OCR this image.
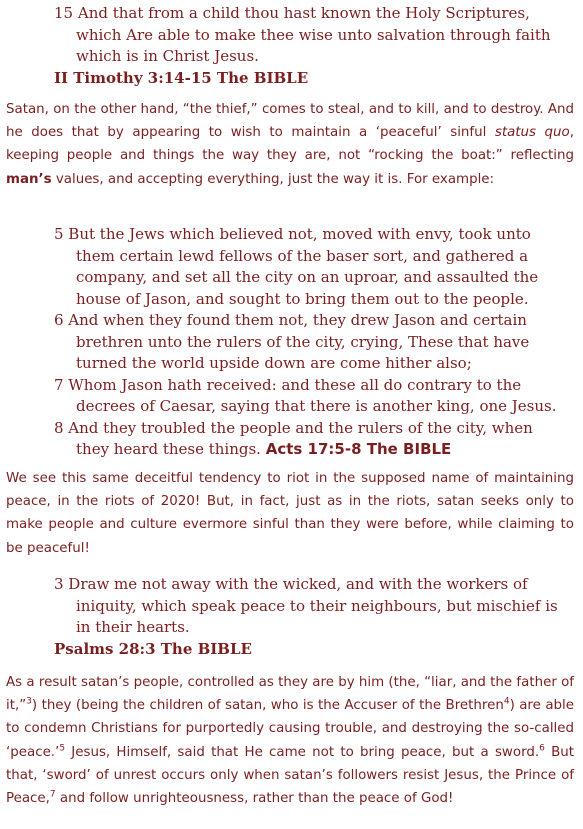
15 And that from a child thou hast known the Holy Scriptures, which Are able to make thee wise unto salvation through faith which is in Christ Jesus.
II Timothy 3:14-15 The BIBLE

Satan, on the other hand, “the thief,” comes to steal, and to kill, and to destroy. And he does that by appearing to wish to maintain a ‘peaceful’ sinful status quo, keeping people and things the way they are, not “rocking the boat:” reflecting man’s values, and accepting everything, just the way it is. For example:

5 But the Jews which believed not, moved with envy, took unto them certain lewd fellows of the baser sort, and gathered a company, and set all the city on an uproar, and assaulted the house of Jason, and sought to bring them out to the people.
6 And when they found them not, they drew Jason and certain brethren unto the rulers of the city, crying, These that have turned the world upside down are come hither also;
7 Whom Jason hath received: and these all do contrary to the decrees of Caesar, saying that there is another king, one Jesus.
8 And they troubled the people and the rulers of the city, when they heard these things. Acts 17:5-8 The BIBLE

We see this same deceitful tendency to riot in the supposed name of maintaining peace, in the riots of 2020! But, in fact, just as in the riots, satan seeks only to make people and culture evermore sinful than they were before, while claiming to be peaceful!

3 Draw me not away with the wicked, and with the workers of iniquity, which speak peace to their neighbours, but mischief is in their hearts.
Psalms 28:3 The BIBLE

As a result satan’s people, controlled as they are by him (the, “liar, and the father of it,”$^3$) they (being the children of satan, who is the Accuser of the Brethren$^4$) are able to condemn Christians for purportedly causing trouble, and destroying the so-called ‘peace.’$^5$ Jesus, Himself, said that He came not to bring peace, but a sword.$^6$ But that, ‘sword’ of unrest occurs only when satan’s followers resist Jesus, the Prince of Peace,$^7$ and follow unrighteousness, rather than the peace of God!
